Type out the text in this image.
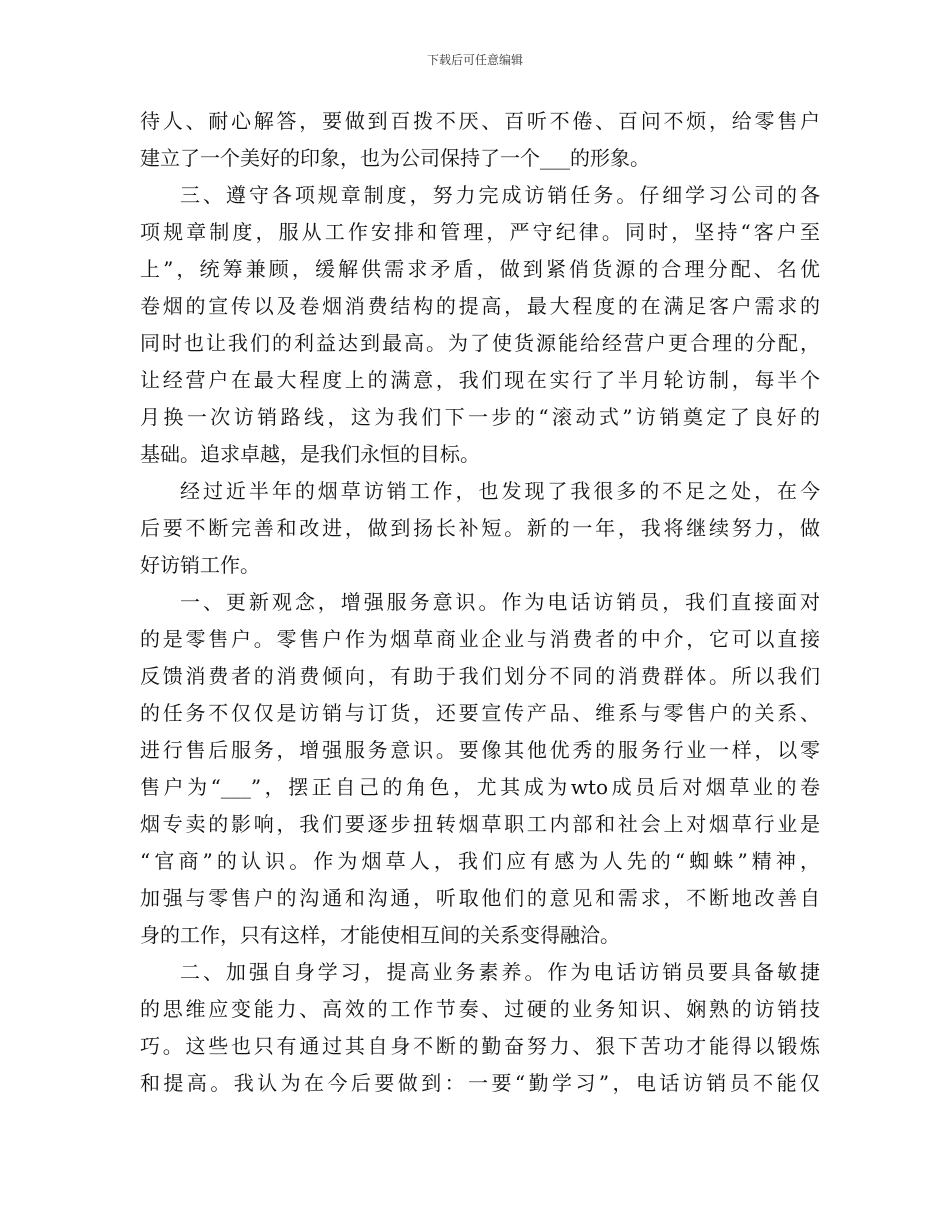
下载后可任意编辑
待人、耐心解答，要做到百拨不厌、百听不倦、百问不烦，给零售户
建立了一个美好的印象，也为公司保持了一个___的形象。
三、遵守各项规章制度，努力完成访销任务。仔细学习公司的各
项规章制度，服从工作安排和管理，严守纪律。同时，坚持“客户至
上”，统筹兼顾，缓解供需求矛盾，做到紧俏货源的合理分配、名优
卷烟的宣传以及卷烟消费结构的提高，最大程度的在满足客户需求的
同时也让我们的利益达到最高。为了使货源能给经营户更合理的分配，
让经营户在最大程度上的满意，我们现在实行了半月轮访制，每半个
月换一次访销路线，这为我们下一步的“滚动式”访销奠定了良好的
基础。追求卓越，是我们永恒的目标。
经过近半年的烟草访销工作，也发现了我很多的不足之处，在今
后要不断完善和改进，做到扬长补短。新的一年，我将继续努力，做
好访销工作。
一、更新观念，增强服务意识。作为电话访销员，我们直接面对
的是零售户。零售户作为烟草商业企业与消费者的中介，它可以直接
反馈消费者的消费倾向，有助于我们划分不同的消费群体。所以我们
的任务不仅仅是访销与订货，还要宣传产品、维系与零售户的关系、
进行售后服务，增强服务意识。要像其他优秀的服务行业一样，以零
售户为“___”，摆正自己的角色，尤其成为wto成员后对烟草业的卷
烟专卖的影响，我们要逐步扭转烟草职工内部和社会上对烟草行业是
“官商”的认识。作为烟草人，我们应有感为人先的“蜘蛛”精神，
加强与零售户的沟通和沟通，听取他们的意见和需求，不断地改善自
身的工作，只有这样，才能使相互间的关系变得融洽。
二、加强自身学习，提高业务素养。作为电话访销员要具备敏捷
的思维应变能力、高效的工作节奏、过硬的业务知识、娴熟的访销技
巧。这些也只有通过其自身不断的勤奋努力、狠下苦功才能得以锻炼
和提高。我认为在今后要做到：一要“勤学习”，电话访销员不能仅
